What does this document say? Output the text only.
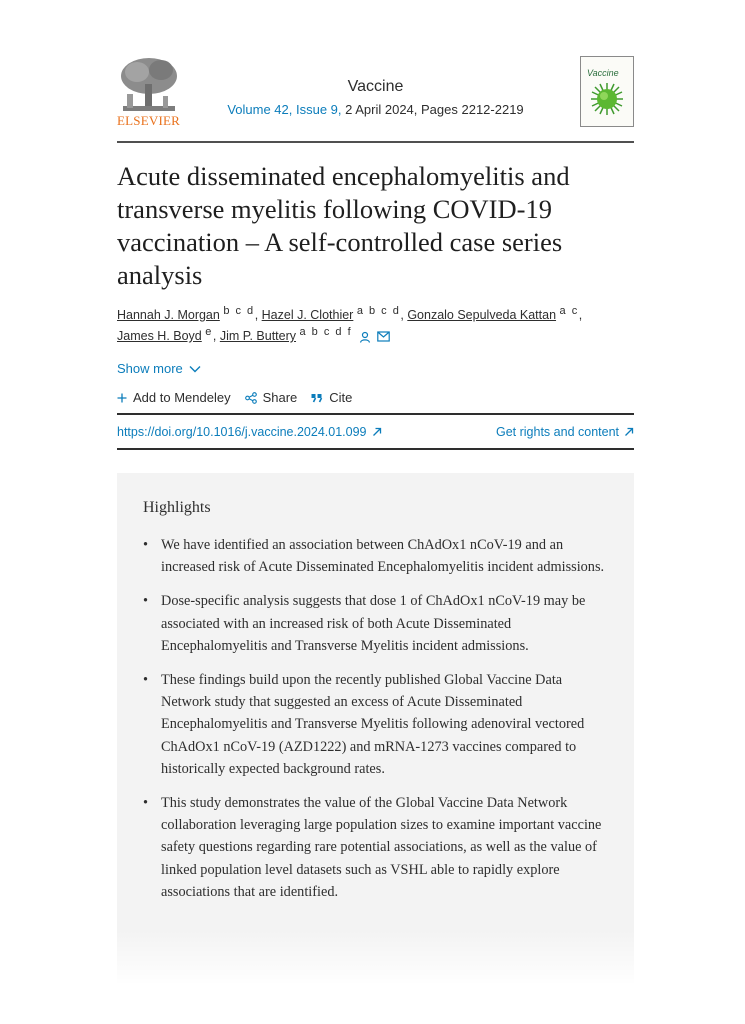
ELSEVIER
Vaccine
Volume 42, Issue 9, 2 April 2024, Pages 2212-2219
Vaccine
Acute disseminated encephalomyelitis and transverse myelitis following COVID-19 vaccination – A self-controlled case series analysis
Hannah J. Morgan b c d, Hazel J. Clothier a b c d, Gonzalo Sepulveda Kattan a c,
James H. Boyd e, Jim P. Buttery a b c d f
Show more
Add to Mendeley Share Cite
https://doi.org/10.1016/j.vaccine.2024.01.099	Get rights and content
Highlights
• We have identified an association between ChAdOx1 nCoV-19 and an increased risk of Acute Disseminated Encephalomyelitis incident admissions.
• Dose-specific analysis suggests that dose 1 of ChAdOx1 nCoV-19 may be associated with an increased risk of both Acute Disseminated Encephalomyelitis and Transverse Myelitis incident admissions.
• These findings build upon the recently published Global Vaccine Data Network study that suggested an excess of Acute Disseminated Encephalomyelitis and Transverse Myelitis following adenoviral vectored ChAdOx1 nCoV-19 (AZD1222) and mRNA-1273 vaccines compared to historically expected background rates.
• This study demonstrates the value of the Global Vaccine Data Network collaboration leveraging large population sizes to examine important vaccine safety questions regarding rare potential associations, as well as the value of linked population level datasets such as VSHL able to rapidly explore associations that are identified.
